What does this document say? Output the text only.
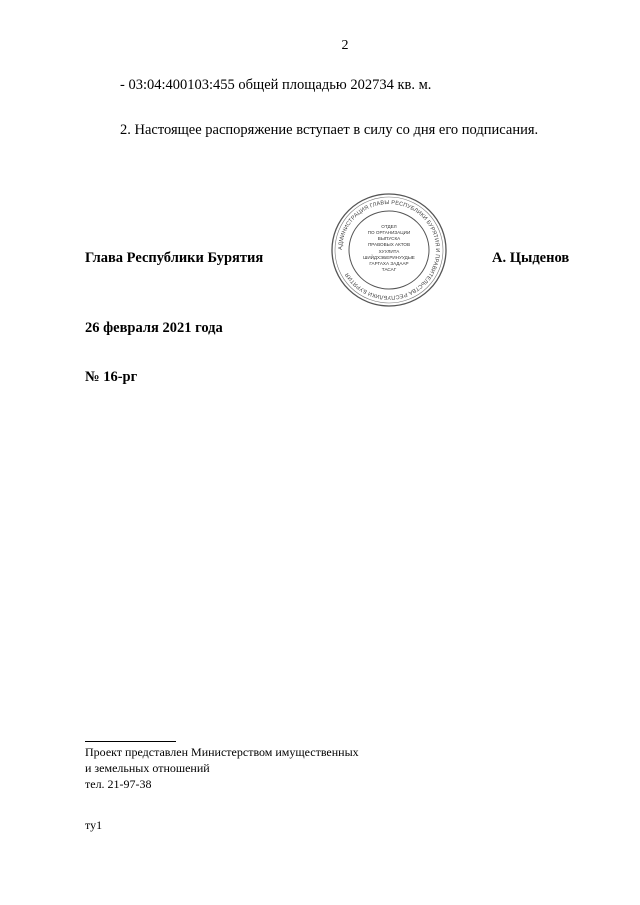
2
- 03:04:400103:455 общей площадью 202734 кв. м.
2. Настоящее распоряжение вступает в силу со дня его подписания.
Глава Республики Бурятия
АДМИНИСТРАЦИЯ ГЛАВЫ РЕСПУБЛИКИ БУРЯТИЯ И ПРАВИТЕЛЬСТВА РЕСПУБЛИКИ БУРЯТИЯ
ОТДЕЛ
ПО ОРГАНИЗАЦИИ
ВЫПУСКА
ПРАВОВЫХ АКТОВ
ХУУЛИТА
ШИЙДХЭБЕРИНУУДЫЕ
ГАРГАХА ЗАДААР
ТАСАГ
А. Цыденов
26 февраля 2021 года
№ 16-рг
Проект представлен Министерством имущественных
и земельных отношений
тел. 21-97-38
ту1
